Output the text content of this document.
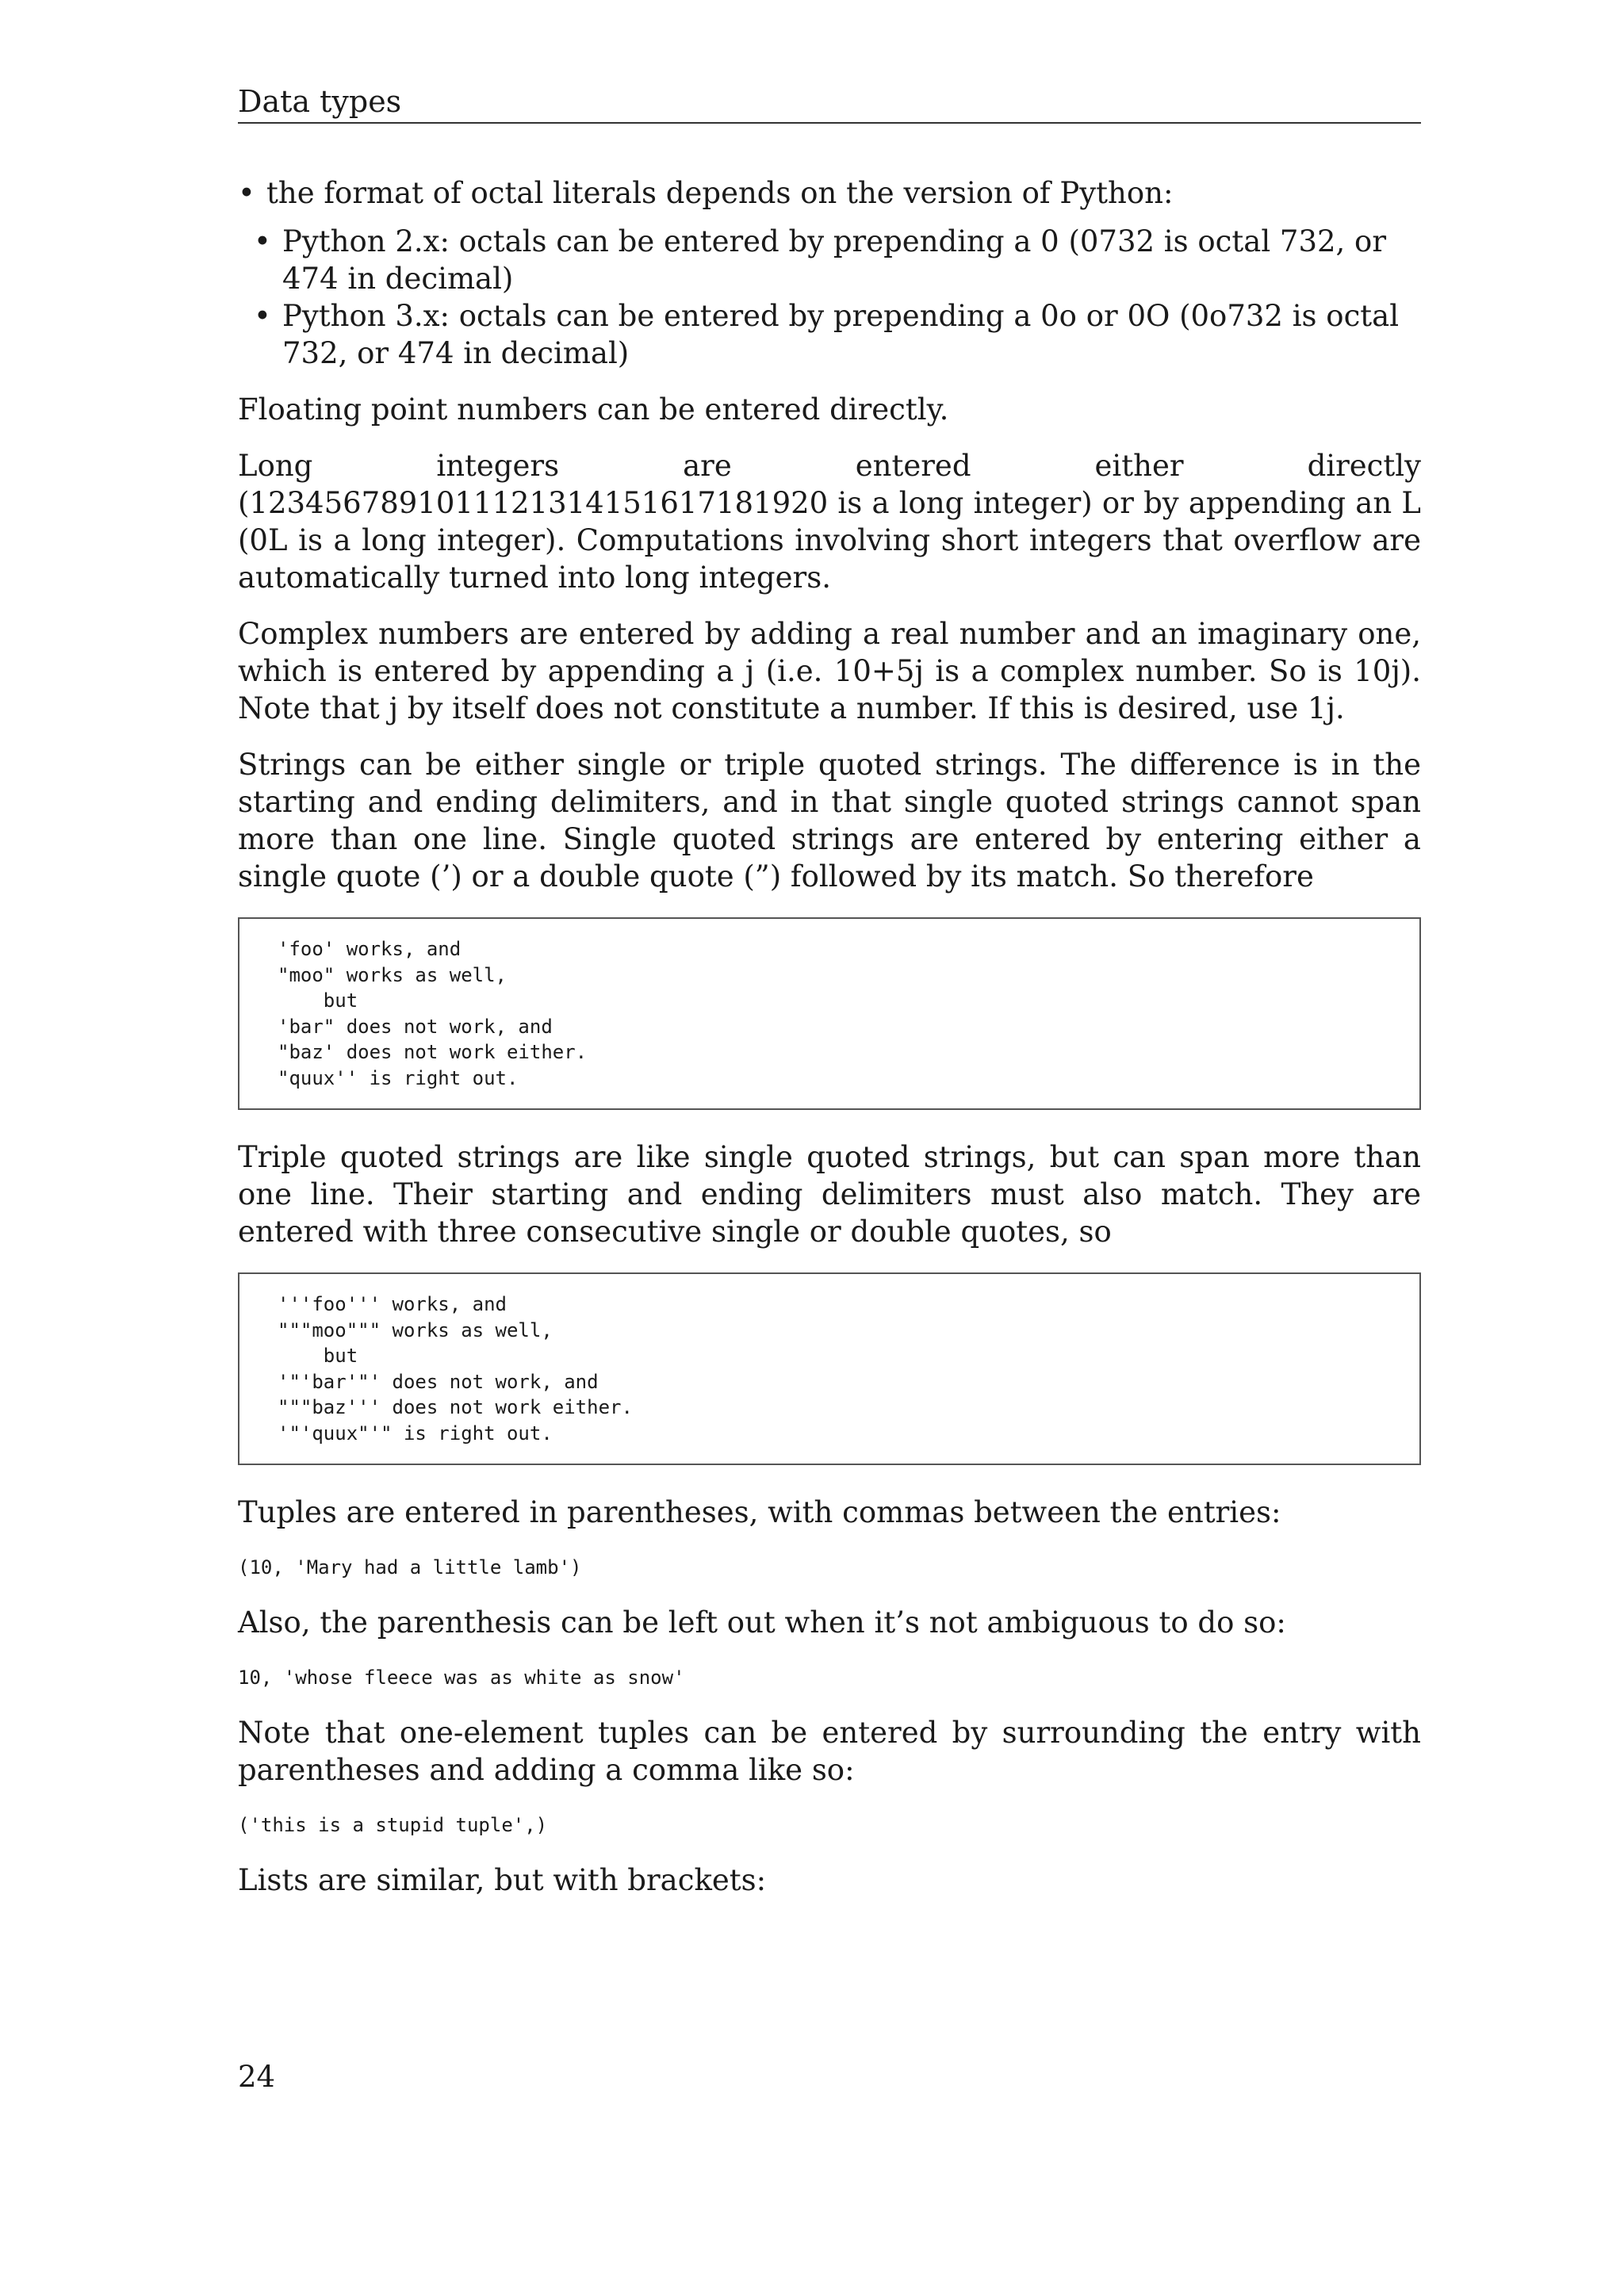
Data types
• the format of octal literals depends on the version of Python:
• Python 2.x: octals can be entered by prepending a 0 (0732 is octal 732, or 474 in decimal)
• Python 3.x: octals can be entered by prepending a 0o or 0O (0o732 is octal 732, or 474 in decimal)

Floating point numbers can be entered directly.

Long integers are entered either directly (1234567891011121314151617181920 is a long integer) or by appending an L (0L is a long integer). Computations involving short integers that overflow are automatically turned into long integers.

Complex numbers are entered by adding a real number and an imaginary one, which is entered by appending a j (i.e. 10+5j is a complex number. So is 10j). Note that j by itself does not constitute a number. If this is desired, use 1j.

Strings can be either single or triple quoted strings. The difference is in the starting and ending delimiters, and in that single quoted strings cannot span more than one line. Single quoted strings are entered by entering either a single quote (’) or a double quote (”) followed by its match. So therefore

'foo' works, and
"moo" works as well,
but
'bar" does not work, and
"baz' does not work either.
"quux'' is right out.

Triple quoted strings are like single quoted strings, but can span more than one line. Their starting and ending delimiters must also match. They are entered with three consecutive single or double quotes, so

'''foo''' works, and
"""moo""" works as well,
but
'"'bar'"' does not work, and
"""baz''' does not work either.
'"'quux"'" is right out.

Tuples are entered in parentheses, with commas between the entries:

(10, 'Mary had a little lamb')

Also, the parenthesis can be left out when it’s not ambiguous to do so:

10, 'whose fleece was as white as snow'

Note that one-element tuples can be entered by surrounding the entry with parentheses and adding a comma like so:

('this is a stupid tuple',)

Lists are similar, but with brackets:

24
